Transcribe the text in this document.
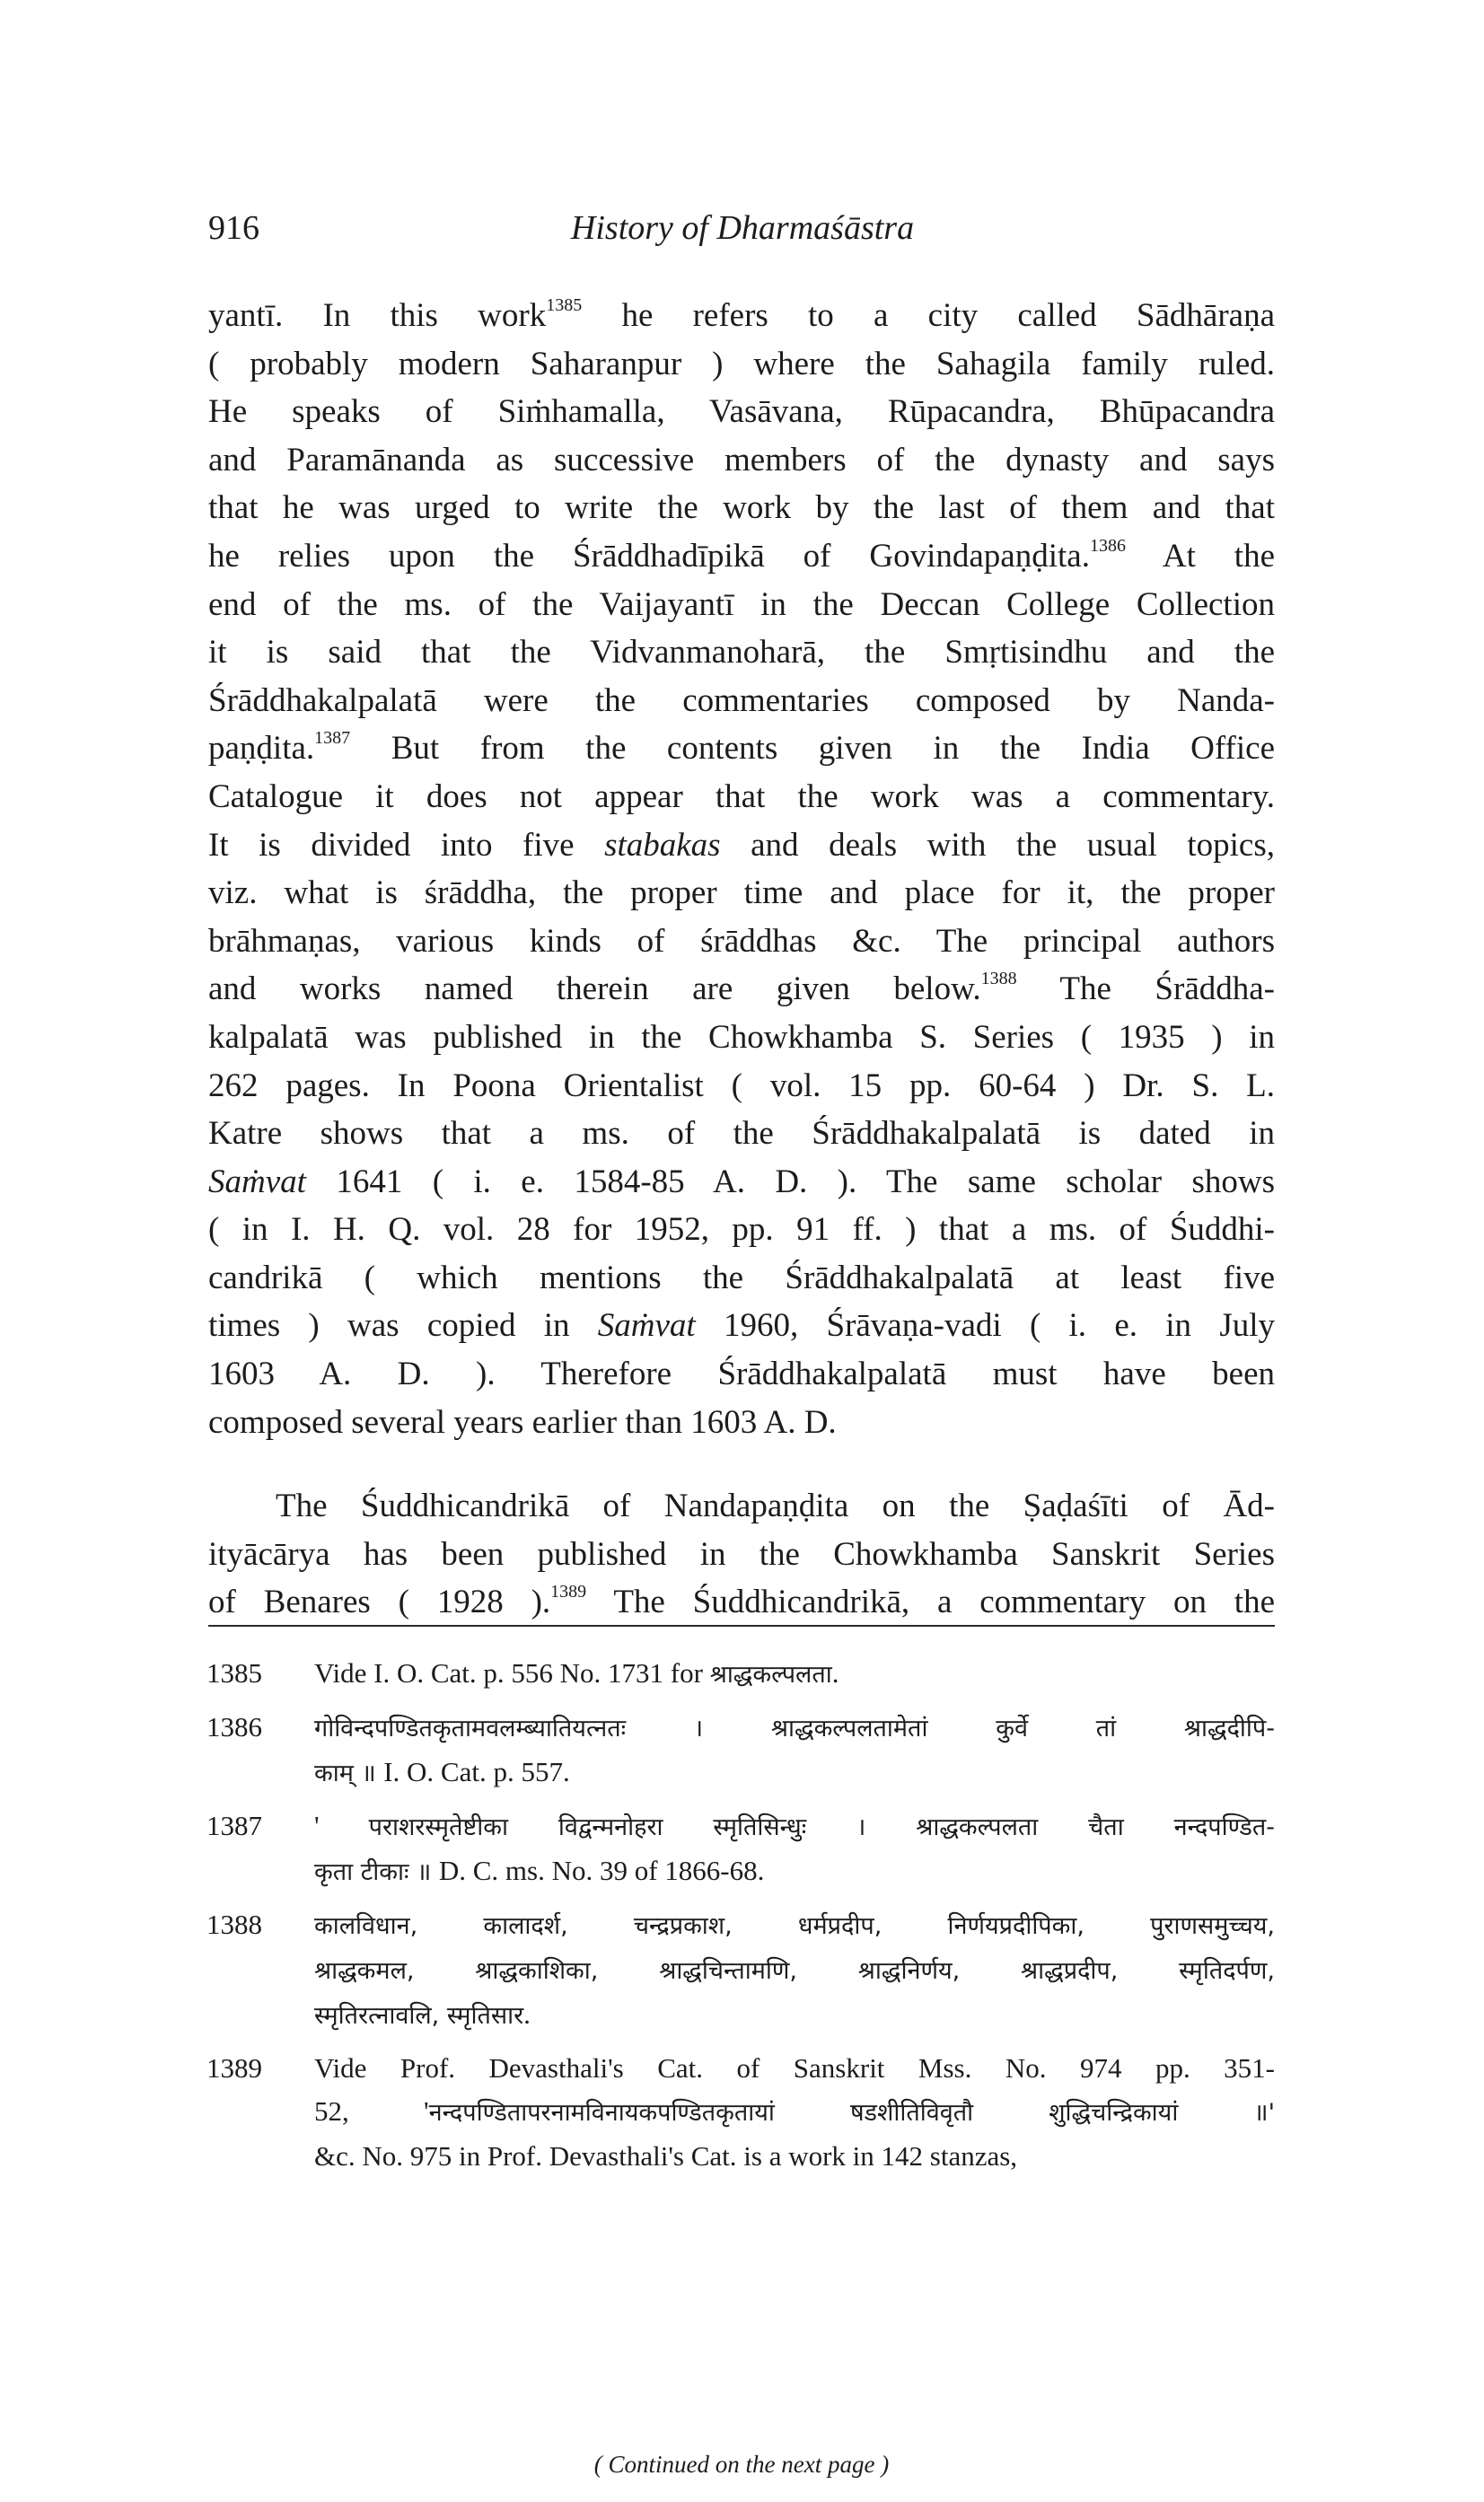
916	History of Dharmaśāstra
yantī. In this work$^{1385}$ he refers to a city called Sādhāraṇa
( probably modern Saharanpur ) where the Sahagila family ruled.
He speaks of Siṁhamalla, Vasāvana, Rūpacandra, Bhūpacandra
and Paramānanda as successive members of the dynasty and says
that he was urged to write the work by the last of them and that
he relies upon the Śrāddhadīpikā of Govindapaṇḍita.$^{1386}$ At the
end of the ms. of the Vaijayantī in the Deccan College Collection
it is said that the Vidvanmanoharā, the Smṛtisindhu and the
Śrāddhakalpalatā were the commentaries composed by Nanda-
paṇḍita.$^{1387}$ But from the contents given in the India Office
Catalogue it does not appear that the work was a commentary.
It is divided into five stabakas and deals with the usual topics,
viz. what is śrāddha, the proper time and place for it, the proper
brāhmaṇas, various kinds of śrāddhas &c. The principal authors
and works named therein are given below.$^{1388}$ The Śrāddha-
kalpalatā was published in the Chowkhamba S. Series ( 1935 ) in
262 pages. In Poona Orientalist ( vol. 15 pp. 60-64 ) Dr. S. L.
Katre shows that a ms. of the Śrāddhakalpalatā is dated in
Saṁvat 1641 ( i. e. 1584-85 A. D. ). The same scholar shows
( in I. H. Q. vol. 28 for 1952, pp. 91 ff. ) that a ms. of Śuddhi-
candrikā ( which mentions the Śrāddhakalpalatā at least five
times ) was copied in Saṁvat 1960, Śrāvaṇa-vadi ( i. e. in July
1603 A. D. ). Therefore Śrāddhakalpalatā must have been
composed several years earlier than 1603 A. D.
The Śuddhicandrikā of Nandapaṇḍita on the Ṣaḍaśīti of Ād-
ityācārya has been published in the Chowkhamba Sanskrit Series
of Benares ( 1928 ).$^{1389}$ The Śuddhicandrikā, a commentary on the
1385 Vide I. O. Cat. p. 556 No. 1731 for श्राद्धकल्पलता.
1386 गोविन्दपण्डितकृतामवलम्ब्यातियत्नतः । श्राद्धकल्पलतामेतां कुर्वे तां श्राद्धदीपि-
काम् ॥ I. O. Cat. p. 557.
1387 ' पराशरस्मृतेष्टीका विद्वन्मनोहरा स्मृतिसिन्धुः । श्राद्धकल्पलता चैता नन्दपण्डित-
कृता टीकाः ॥ D. C. ms. No. 39 of 1866-68.
1388 कालविधान, कालादर्श, चन्द्रप्रकाश, धर्मप्रदीप, निर्णयप्रदीपिका, पुराणसमुच्चय,
श्राद्धकमल, श्राद्धकाशिका, श्राद्धचिन्तामणि, श्राद्धनिर्णय, श्राद्धप्रदीप, स्मृतिदर्पण,
स्मृतिरत्नावलि, स्मृतिसार.
1389 Vide Prof. Devasthali's Cat. of Sanskrit Mss. No. 974 pp. 351-
52, 'नन्दपण्डितापरनामविनायकपण्डितकृतायां षडशीतिविवृतौ शुद्धिचन्द्रिकायां ॥'
&c. No. 975 in Prof. Devasthali's Cat. is a work in 142 stanzas,
( Continued on the next page )
